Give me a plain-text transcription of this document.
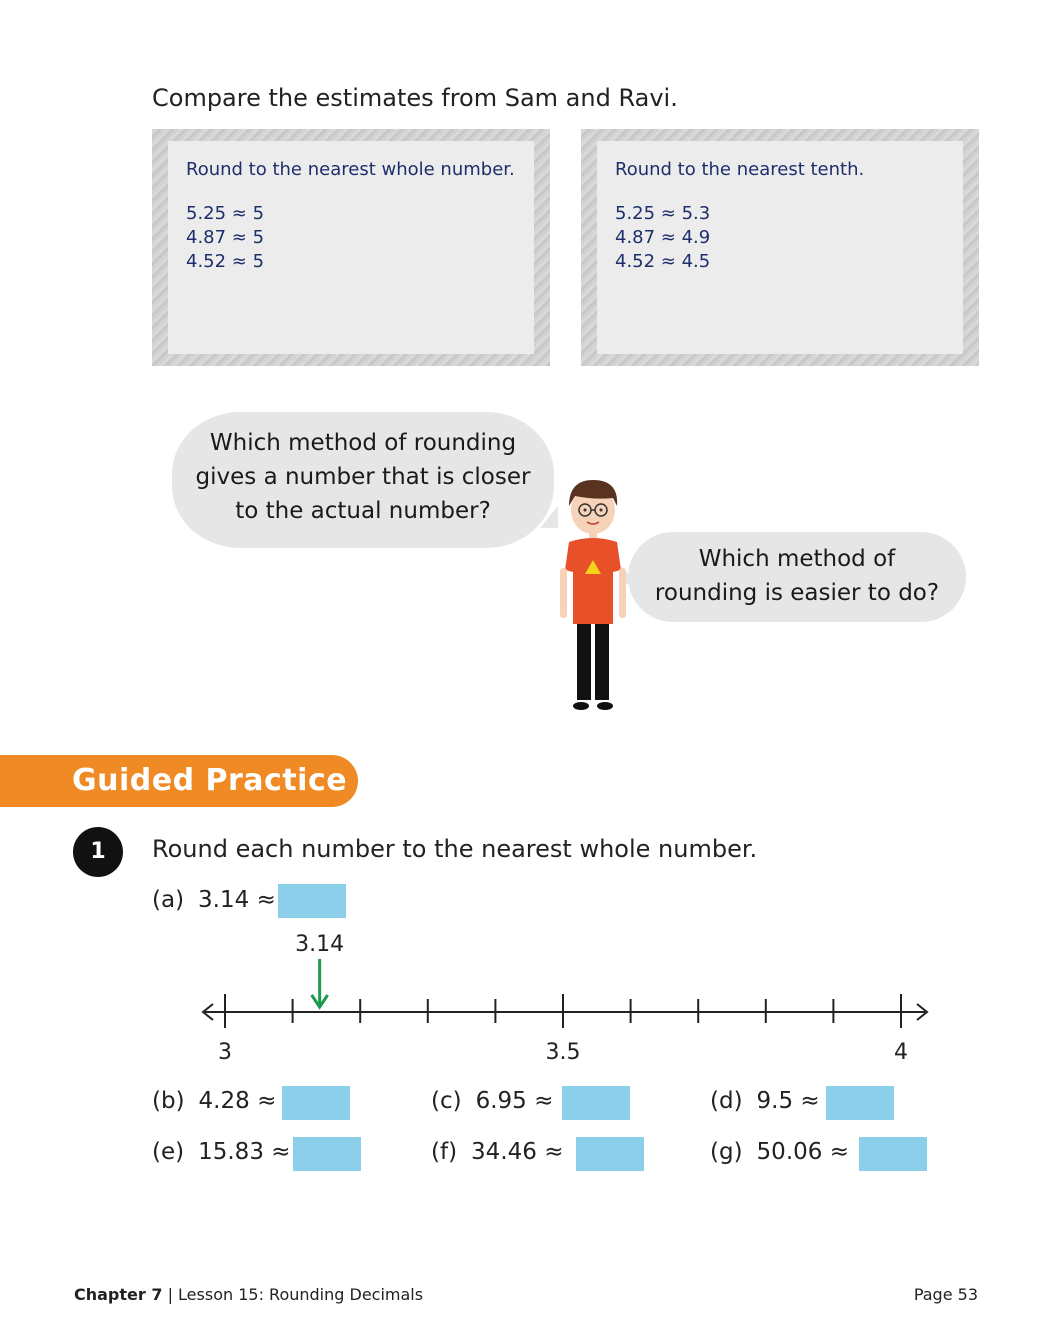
Compare the estimates from Sam and Ravi.
Round to the nearest whole number.
5.25 ≈ 5
4.87 ≈ 5
4.52 ≈ 5
Round to the nearest tenth.
5.25 ≈ 5.3
4.87 ≈ 4.9
4.52 ≈ 4.5
Which method of rounding
gives a number that is closer
to the actual number?
Which method of
rounding is easier to do?
Guided Practice
1	Round each number to the nearest whole number.
(a) 3.14 ≈
3.14
3	3.5	4
(b) 4.28 ≈	(c) 6.95 ≈	(d) 9.5 ≈
(e) 15.83 ≈	(f) 34.46 ≈	(g) 50.06 ≈
Chapter 7 | Lesson 15: Rounding Decimals	Page 53
